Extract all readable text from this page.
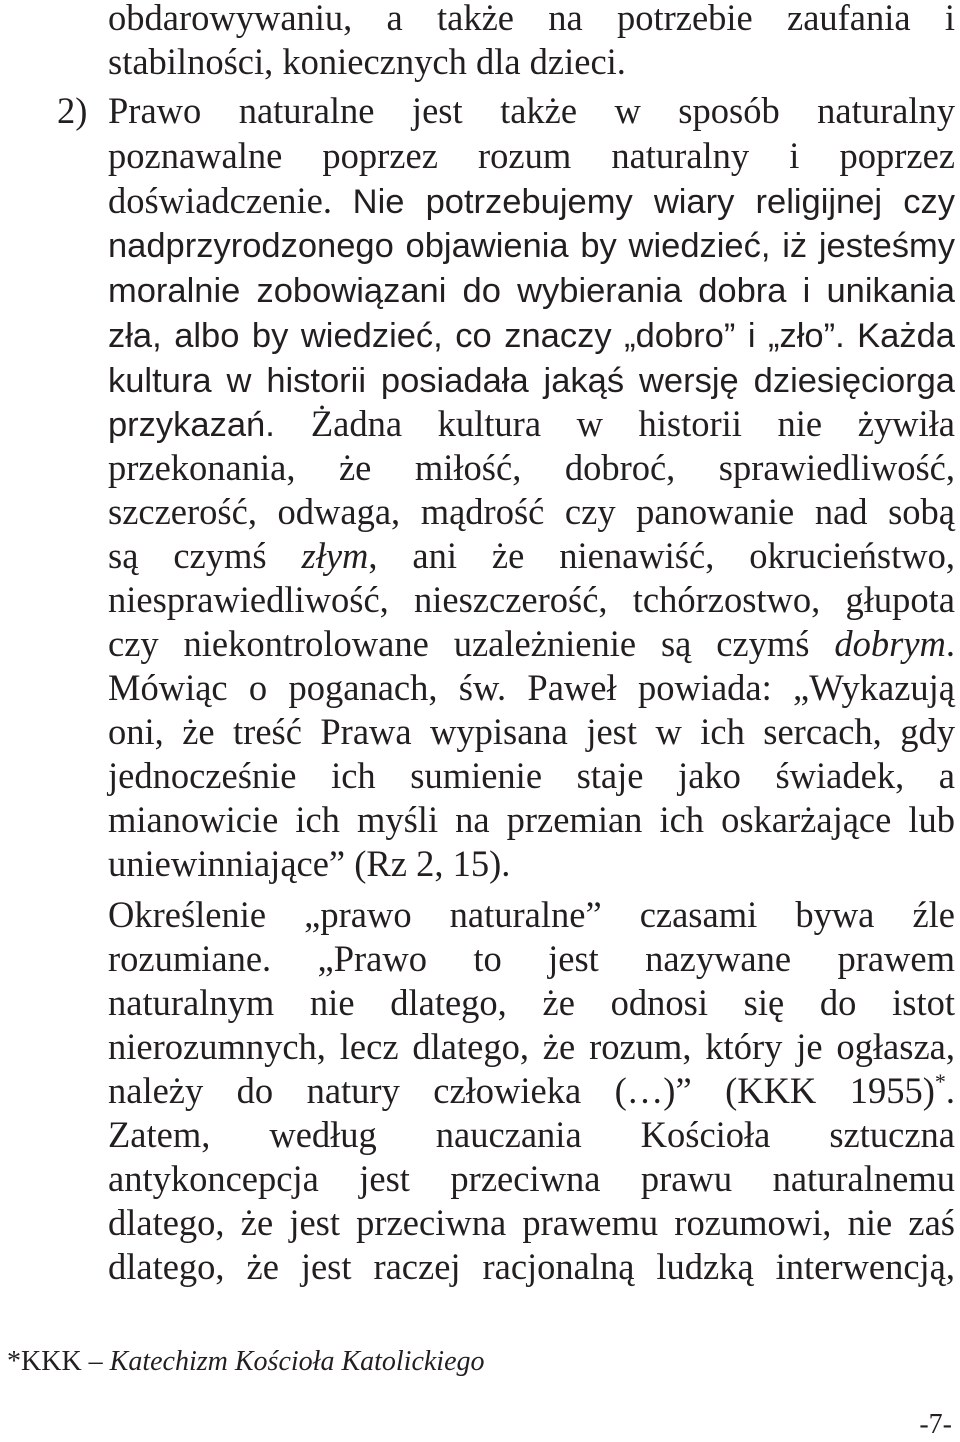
obdarowywaniu, a także na potrzebie zaufania i
stabilności, koniecznych dla dzieci.
2) Prawo naturalne jest także w sposób naturalny
poznawalne poprzez rozum naturalny i poprzez
doświadczenie. Nie potrzebujemy wiary religijnej czy
nadprzyrodzonego objawienia by wiedzieć, iż jesteśmy
moralnie zobowiązani do wybierania dobra i unikania
zła, albo by wiedzieć, co znaczy „dobro” i „zło”. Każda
kultura w historii posiadała jakąś wersję dziesięciorga
przykazań. Żadna kultura w historii nie żywiła
przekonania, że miłość, dobroć, sprawiedliwość,
szczerość, odwaga, mądrość czy panowanie nad sobą
są czymś złym, ani że nienawiść, okrucieństwo,
niesprawiedliwość, nieszczerość, tchórzostwo, głupota
czy niekontrolowane uzależnienie są czymś dobrym.
Mówiąc o poganach, św. Paweł powiada: „Wykazują
oni, że treść Prawa wypisana jest w ich sercach, gdy
jednocześnie ich sumienie staje jako świadek, a
mianowicie ich myśli na przemian ich oskarżające lub
uniewinniające” (Rz 2, 15).
Określenie „prawo naturalne” czasami bywa źle
rozumiane. „Prawo to jest nazywane prawem
naturalnym nie dlatego, że odnosi się do istot
nierozumnych, lecz dlatego, że rozum, który je ogłasza,
należy do natury człowieka (…)” (KKK 1955)*.
Zatem, według nauczania Kościoła sztuczna
antykoncepcja jest przeciwna prawu naturalnemu
dlatego, że jest przeciwna prawemu rozumowi, nie zaś
dlatego, że jest raczej racjonalną ludzką interwencją,
*KKK – Katechizm Kościoła Katolickiego
-7-
